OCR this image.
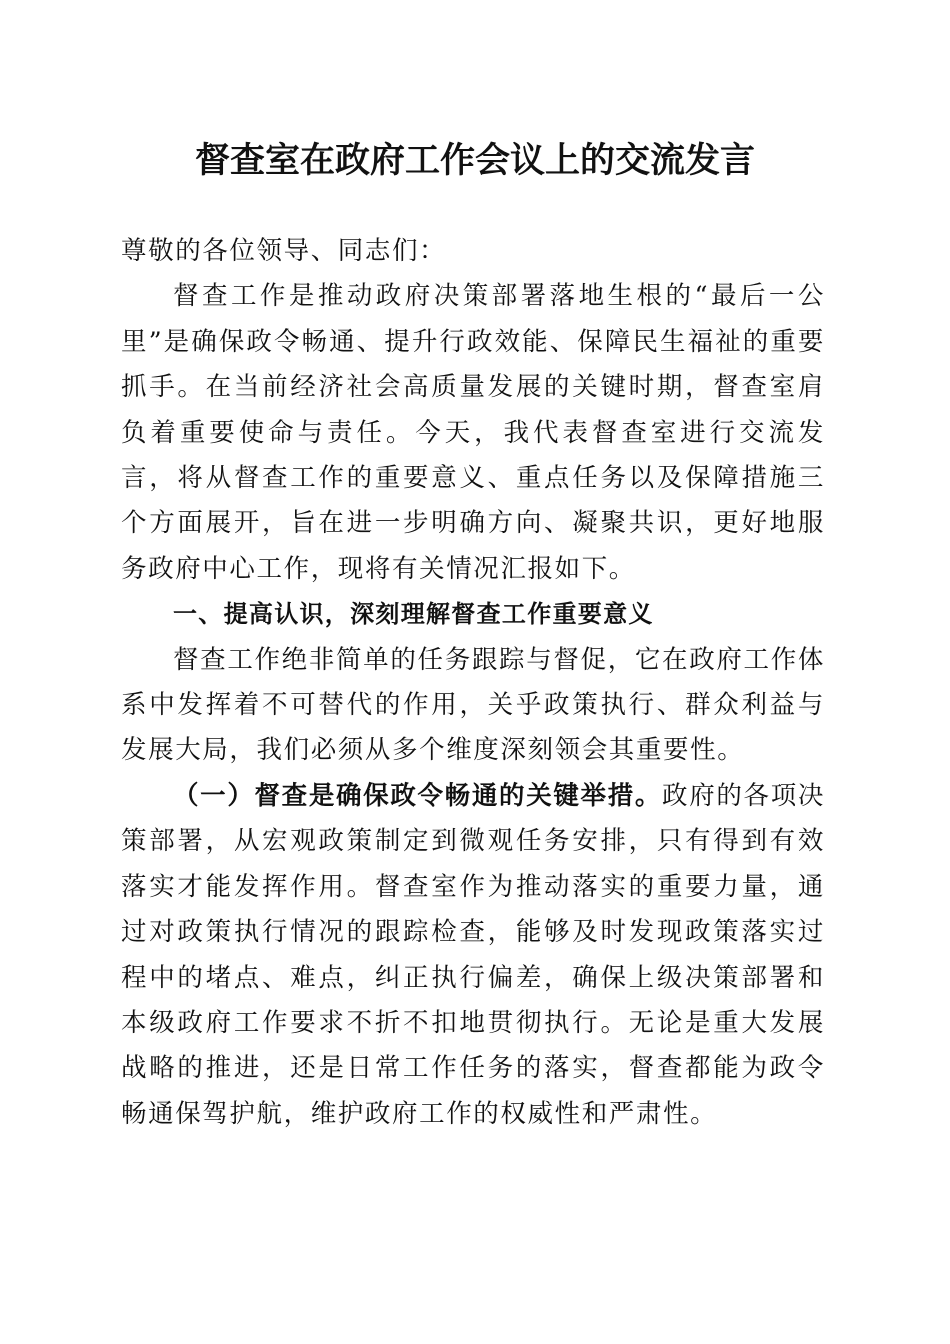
督查室在政府工作会议上的交流发言

尊敬的各位领导、同志们：

督查工作是推动政府决策部署落地生根的“最后一公里”是确保政令畅通、提升行政效能、保障民生福祉的重要抓手。在当前经济社会高质量发展的关键时期，督查室肩负着重要使命与责任。今天，我代表督查室进行交流发言，将从督查工作的重要意义、重点任务以及保障措施三个方面展开，旨在进一步明确方向、凝聚共识，更好地服务政府中心工作，现将有关情况汇报如下。

一、提高认识，深刻理解督查工作重要意义

督查工作绝非简单的任务跟踪与督促，它在政府工作体系中发挥着不可替代的作用，关乎政策执行、群众利益与发展大局，我们必须从多个维度深刻领会其重要性。

（一）督查是确保政令畅通的关键举措。政府的各项决策部署，从宏观政策制定到微观任务安排，只有得到有效落实才能发挥作用。督查室作为推动落实的重要力量，通过对政策执行情况的跟踪检查，能够及时发现政策落实过程中的堵点、难点，纠正执行偏差，确保上级决策部署和本级政府工作要求不折不扣地贯彻执行。无论是重大发展战略的推进，还是日常工作任务的落实，督查都能为政令畅通保驾护航，维护政府工作的权威性和严肃性。
